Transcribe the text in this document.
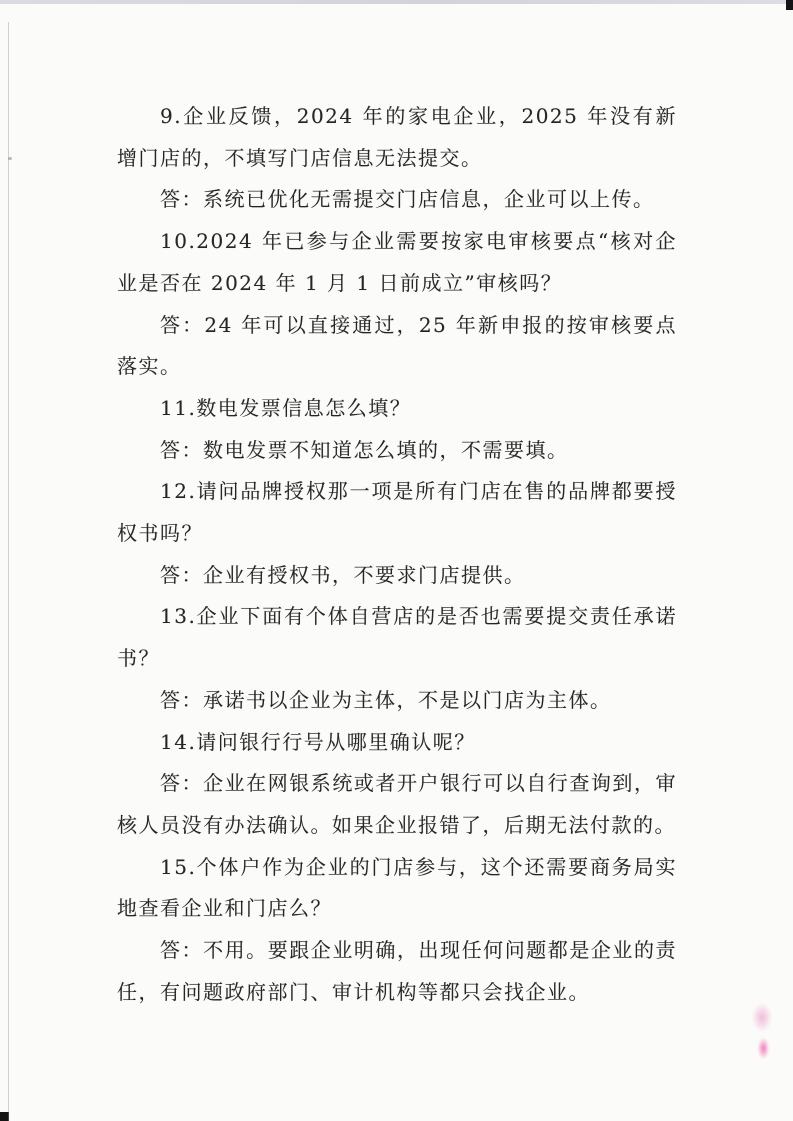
9.企业反馈，2024 年的家电企业，2025 年没有新增门店的，不填写门店信息无法提交。

答：系统已优化无需提交门店信息，企业可以上传。

10.2024 年已参与企业需要按家电审核要点“核对企业是否在 2024 年 1 月 1 日前成立”审核吗？

答：24 年可以直接通过，25 年新申报的按审核要点落实。

11.数电发票信息怎么填？

答：数电发票不知道怎么填的，不需要填。

12.请问品牌授权那一项是所有门店在售的品牌都要授权书吗？

答：企业有授权书，不要求门店提供。

13.企业下面有个体自营店的是否也需要提交责任承诺书？

答：承诺书以企业为主体，不是以门店为主体。

14.请问银行行号从哪里确认呢？

答：企业在网银系统或者开户银行可以自行查询到，审核人员没有办法确认。如果企业报错了，后期无法付款的。

15.个体户作为企业的门店参与，这个还需要商务局实地查看企业和门店么？

答：不用。要跟企业明确，出现任何问题都是企业的责任，有问题政府部门、审计机构等都只会找企业。
